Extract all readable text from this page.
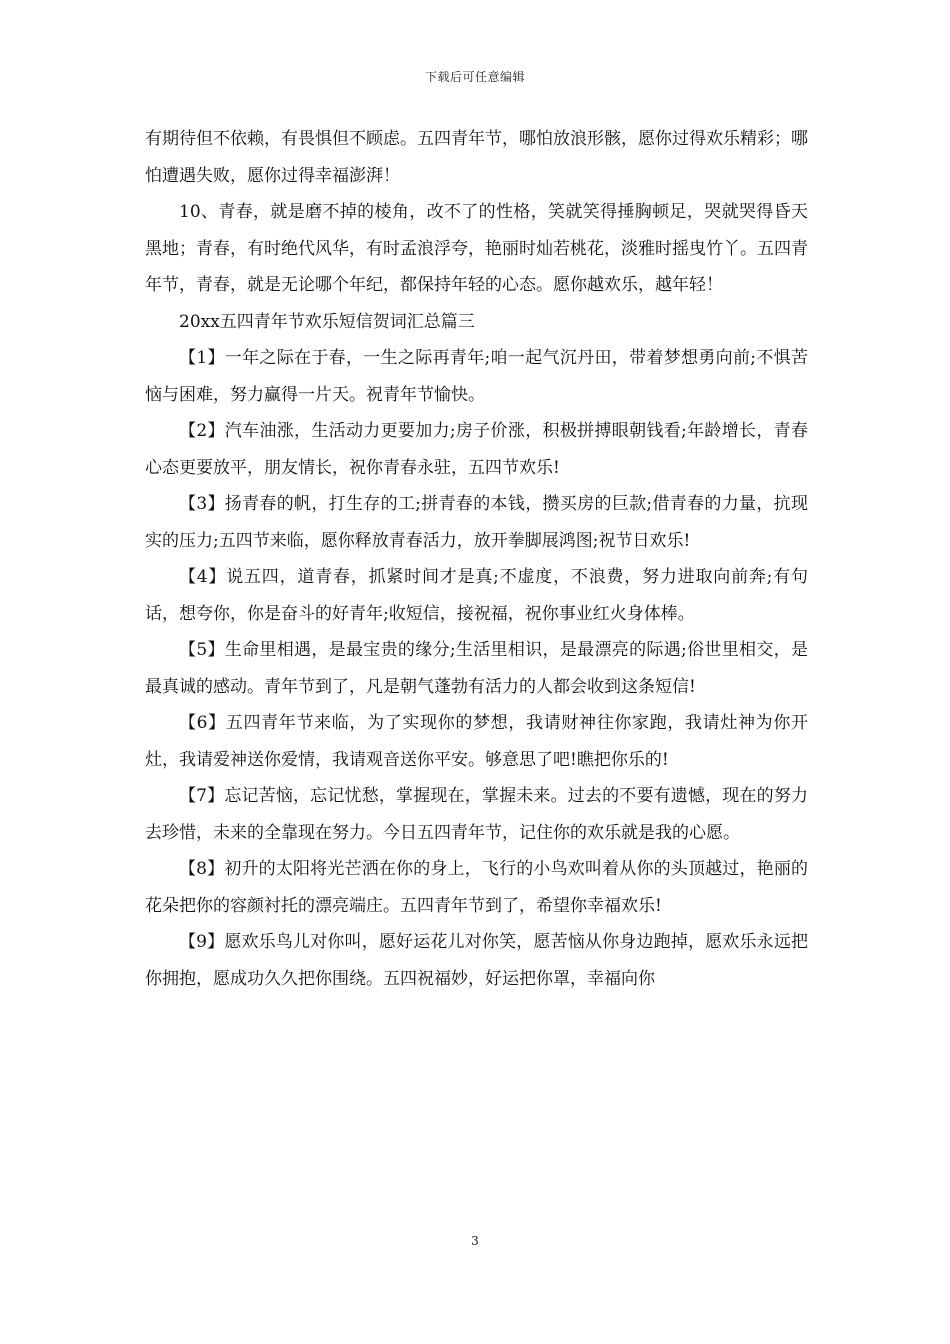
下载后可任意编辑

有期待但不依赖，有畏惧但不顾虑。五四青年节，哪怕放浪形骸，愿你过得欢乐精彩；哪怕遭遇失败，愿你过得幸福澎湃！

10、青春，就是磨不掉的棱角，改不了的性格，笑就笑得捶胸顿足，哭就哭得昏天黑地；青春，有时绝代风华，有时孟浪浮夸，艳丽时灿若桃花，淡雅时摇曳竹丫。五四青年节，青春，就是无论哪个年纪，都保持年轻的心态。愿你越欢乐，越年轻！

20xx五四青年节欢乐短信贺词汇总篇三

【1】一年之际在于春，一生之际再青年;咱一起气沉丹田，带着梦想勇向前;不惧苦恼与困难，努力赢得一片天。祝青年节愉快。

【2】汽车油涨，生活动力更要加力;房子价涨，积极拼搏眼朝钱看;年龄增长，青春心态更要放平，朋友情长，祝你青春永驻，五四节欢乐!

【3】扬青春的帆，打生存的工;拼青春的本钱，攒买房的巨款;借青春的力量，抗现实的压力;五四节来临，愿你释放青春活力，放开拳脚展鸿图;祝节日欢乐!

【4】说五四，道青春，抓紧时间才是真;不虚度，不浪费，努力进取向前奔;有句话，想夸你，你是奋斗的好青年;收短信，接祝福，祝你事业红火身体棒。

【5】生命里相遇，是最宝贵的缘分;生活里相识，是最漂亮的际遇;俗世里相交，是最真诚的感动。青年节到了，凡是朝气蓬勃有活力的人都会收到这条短信!

【6】五四青年节来临，为了实现你的梦想，我请财神往你家跑，我请灶神为你开灶，我请爱神送你爱情，我请观音送你平安。够意思了吧!瞧把你乐的!

【7】忘记苦恼，忘记忧愁，掌握现在，掌握未来。过去的不要有遗憾，现在的努力去珍惜，未来的全靠现在努力。今日五四青年节，记住你的欢乐就是我的心愿。

【8】初升的太阳将光芒洒在你的身上，飞行的小鸟欢叫着从你的头顶越过，艳丽的花朵把你的容颜衬托的漂亮端庄。五四青年节到了，希望你幸福欢乐!

【9】愿欢乐鸟儿对你叫，愿好运花儿对你笑，愿苦恼从你身边跑掉，愿欢乐永远把你拥抱，愿成功久久把你围绕。五四祝福妙，好运把你罩，幸福向你

3
